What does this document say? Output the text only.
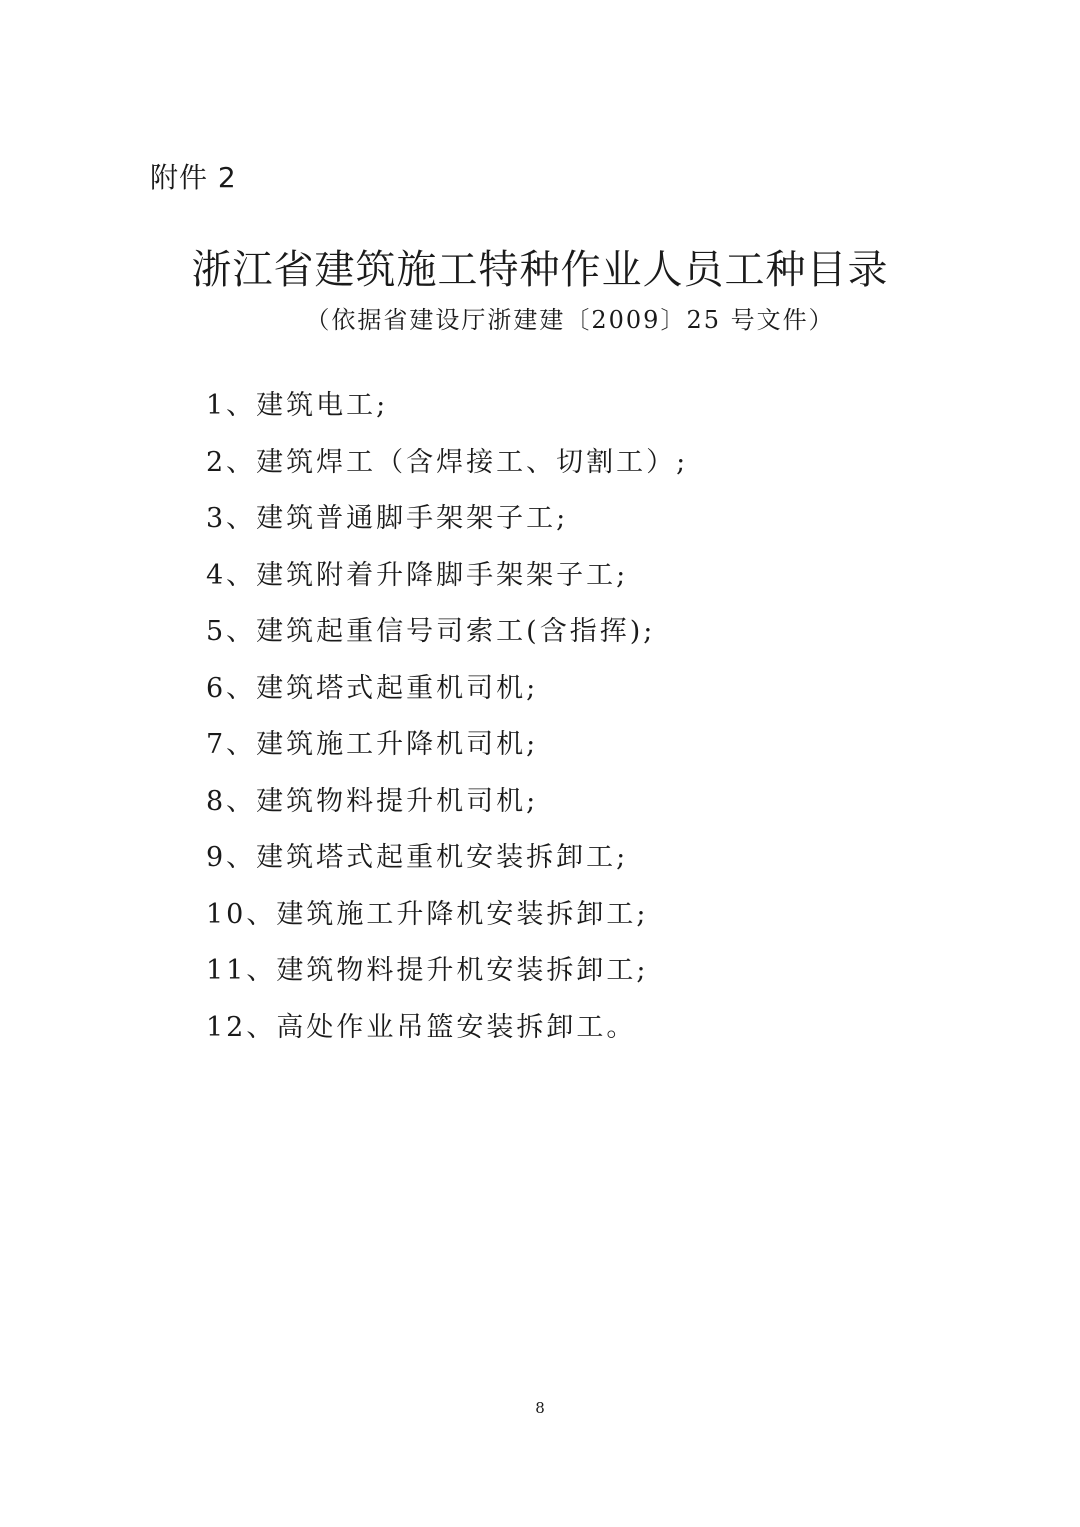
附件 2
浙江省建筑施工特种作业人员工种目录
（依据省建设厅浙建建〔2009〕25 号文件）
1、建筑电工;
2、建筑焊工（含焊接工、切割工）;
3、建筑普通脚手架架子工;
4、建筑附着升降脚手架架子工;
5、建筑起重信号司索工(含指挥);
6、建筑塔式起重机司机;
7、建筑施工升降机司机;
8、建筑物料提升机司机;
9、建筑塔式起重机安装拆卸工;
10、建筑施工升降机安装拆卸工;
11、建筑物料提升机安装拆卸工;
12、高处作业吊篮安装拆卸工。
8
